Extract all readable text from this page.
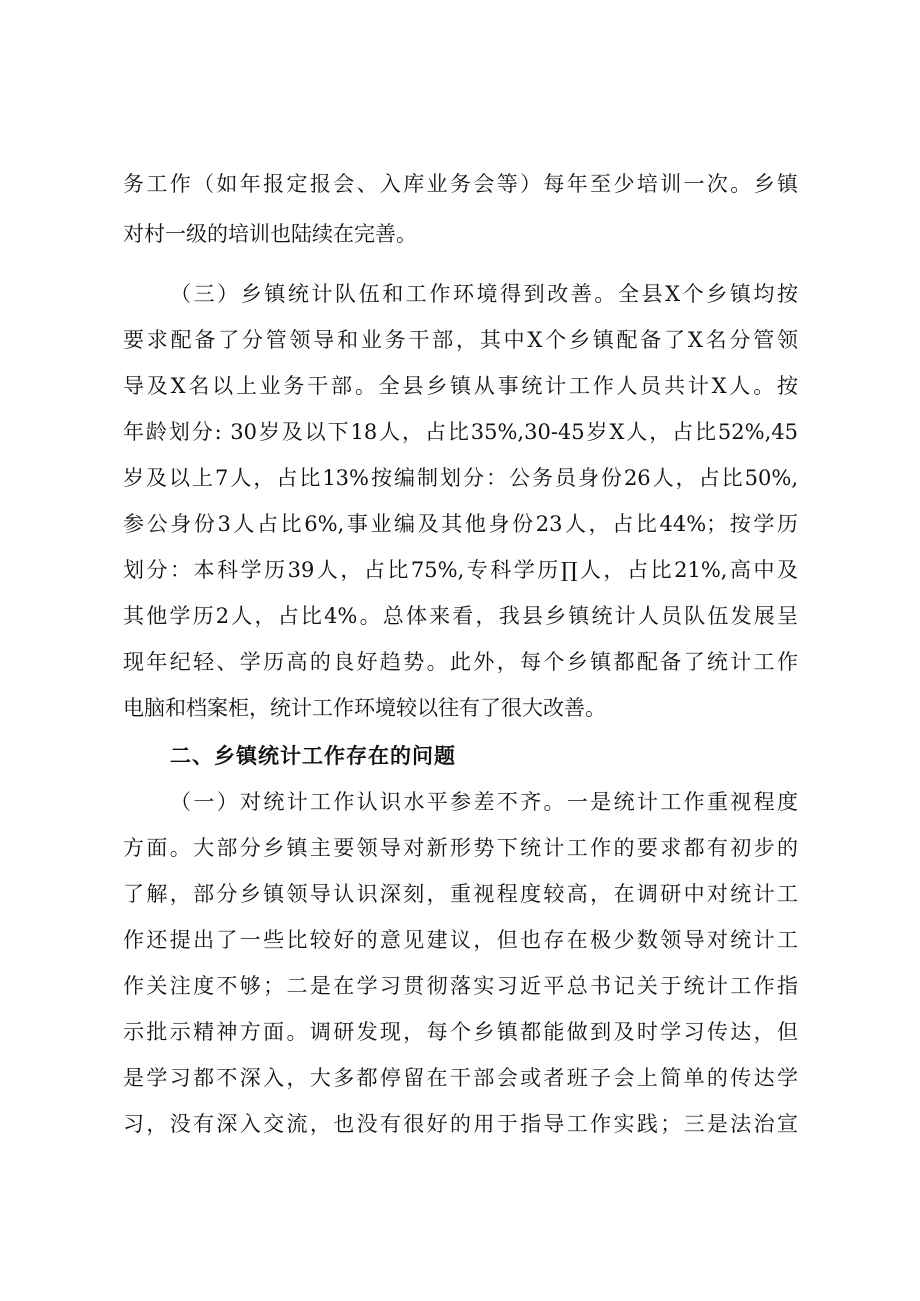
务工作（如年报定报会、入库业务会等）每年至少培训一次。乡镇
对村一级的培训也陆续在完善。
（三）乡镇统计队伍和工作环境得到改善。全县X个乡镇均按
要求配备了分管领导和业务干部，其中X个乡镇配备了X名分管领
导及X名以上业务干部。全县乡镇从事统计工作人员共计X人。按
年龄划分: 30岁及以下18人，占比35%,30-45岁X人，占比52%,45
岁及以上7人，占比13%按编制划分：公务员身份26人，占比50%,
参公身份3人占比6%,事业编及其他身份23人，占比44%；按学历
划分：本科学历39人，占比75%,专科学历∏人，占比21%,高中及
其他学历2人，占比4%。总体来看，我县乡镇统计人员队伍发展呈
现年纪轻、学历高的良好趋势。此外，每个乡镇都配备了统计工作
电脑和档案柜，统计工作环境较以往有了很大改善。
二、乡镇统计工作存在的问题
（一）对统计工作认识水平参差不齐。一是统计工作重视程度
方面。大部分乡镇主要领导对新形势下统计工作的要求都有初步的
了解，部分乡镇领导认识深刻，重视程度较高，在调研中对统计工
作还提出了一些比较好的意见建议，但也存在极少数领导对统计工
作关注度不够；二是在学习贯彻落实习近平总书记关于统计工作指
示批示精神方面。调研发现，每个乡镇都能做到及时学习传达，但
是学习都不深入，大多都停留在干部会或者班子会上简单的传达学
习，没有深入交流，也没有很好的用于指导工作实践；三是法治宣
